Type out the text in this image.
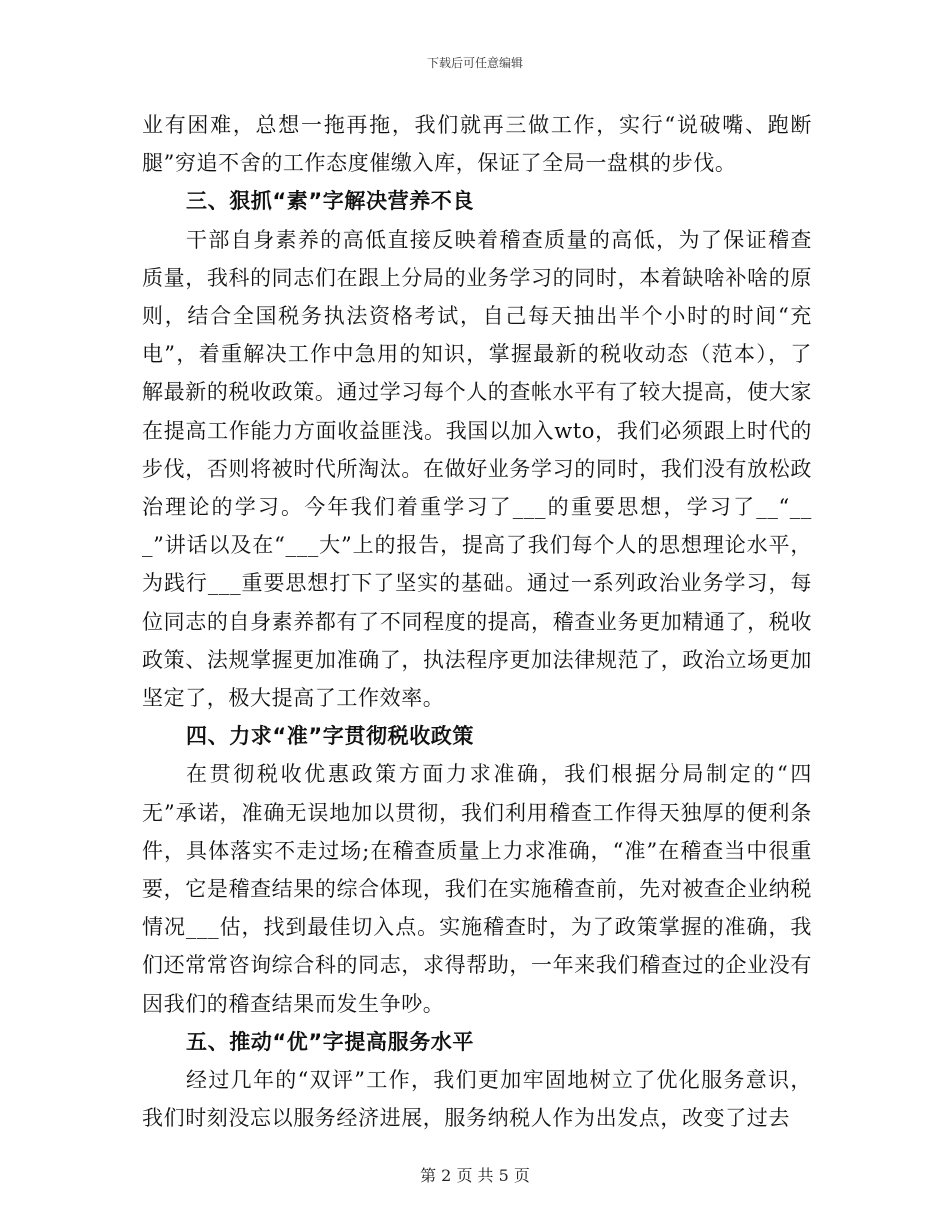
下载后可任意编辑

业有困难，总想一拖再拖，我们就再三做工作，实行“说破嘴、跑断腿”穷追不舍的工作态度催缴入库，保证了全局一盘棋的步伐。

三、狠抓“素”字解决营养不良

干部自身素养的高低直接反映着稽查质量的高低，为了保证稽查质量，我科的同志们在跟上分局的业务学习的同时，本着缺啥补啥的原则，结合全国税务执法资格考试，自己每天抽出半个小时的时间“充电”，着重解决工作中急用的知识，掌握最新的税收动态（范本），了解最新的税收政策。通过学习每个人的查帐水平有了较大提高，使大家在提高工作能力方面收益匪浅。我国以加入wto，我们必须跟上时代的步伐，否则将被时代所淘汰。在做好业务学习的同时，我们没有放松政治理论的学习。今年我们着重学习了___的重要思想，学习了__“___”讲话以及在“___大”上的报告，提高了我们每个人的思想理论水平，为践行___重要思想打下了坚实的基础。通过一系列政治业务学习，每位同志的自身素养都有了不同程度的提高，稽查业务更加精通了，税收政策、法规掌握更加准确了，执法程序更加法律规范了，政治立场更加坚定了，极大提高了工作效率。

四、力求“准”字贯彻税收政策

在贯彻税收优惠政策方面力求准确，我们根据分局制定的“四无”承诺，准确无误地加以贯彻，我们利用稽查工作得天独厚的便利条件，具体落实不走过场;在稽查质量上力求准确，“准”在稽查当中很重要，它是稽查结果的综合体现，我们在实施稽查前，先对被查企业纳税情况___估，找到最佳切入点。实施稽查时，为了政策掌握的准确，我们还常常咨询综合科的同志，求得帮助，一年来我们稽查过的企业没有因我们的稽查结果而发生争吵。

五、推动“优”字提高服务水平

经过几年的“双评”工作，我们更加牢固地树立了优化服务意识，我们时刻没忘以服务经济进展，服务纳税人作为出发点，改变了过去

第 2 页 共 5 页
